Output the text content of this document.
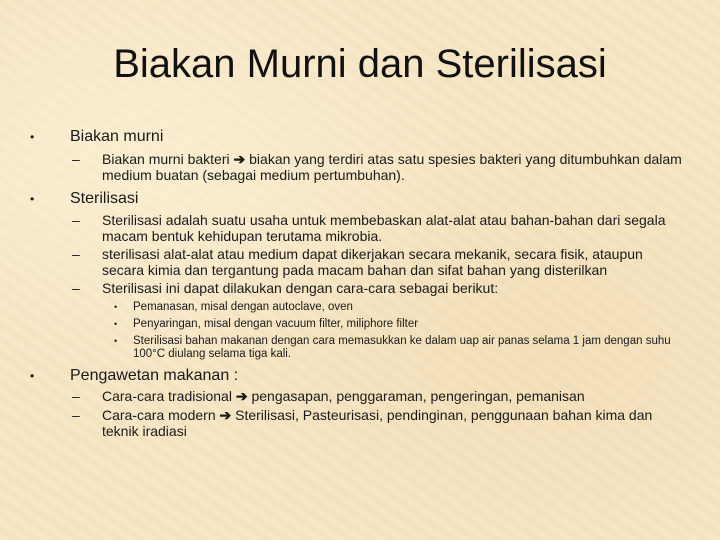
Biakan Murni dan Sterilisasi

• Biakan murni

– Biakan murni bakteri ➔ biakan yang terdiri atas satu spesies bakteri yang ditumbuhkan dalam medium buatan (sebagai medium pertumbuhan).

• Sterilisasi

– Sterilisasi adalah suatu usaha untuk membebaskan alat-alat atau bahan-bahan dari segala macam bentuk kehidupan terutama mikrobia.

– sterilisasi alat-alat atau medium dapat dikerjakan secara mekanik, secara fisik, ataupun secara kimia dan tergantung pada macam bahan dan sifat bahan yang disterilkan

– Sterilisasi ini dapat dilakukan dengan cara-cara sebagai berikut:

• Pemanasan, misal dengan autoclave, oven

• Penyaringan, misal dengan vacuum filter, miliphore filter

• Sterilisasi bahan makanan dengan cara memasukkan ke dalam uap air panas selama 1 jam dengan suhu 100°C diulang selama tiga kali.

• Pengawetan makanan :

– Cara-cara tradisional ➔ pengasapan, penggaraman, pengeringan, pemanisan

– Cara-cara modern ➔ Sterilisasi, Pasteurisasi, pendinginan, penggunaan bahan kima dan teknik iradiasi
